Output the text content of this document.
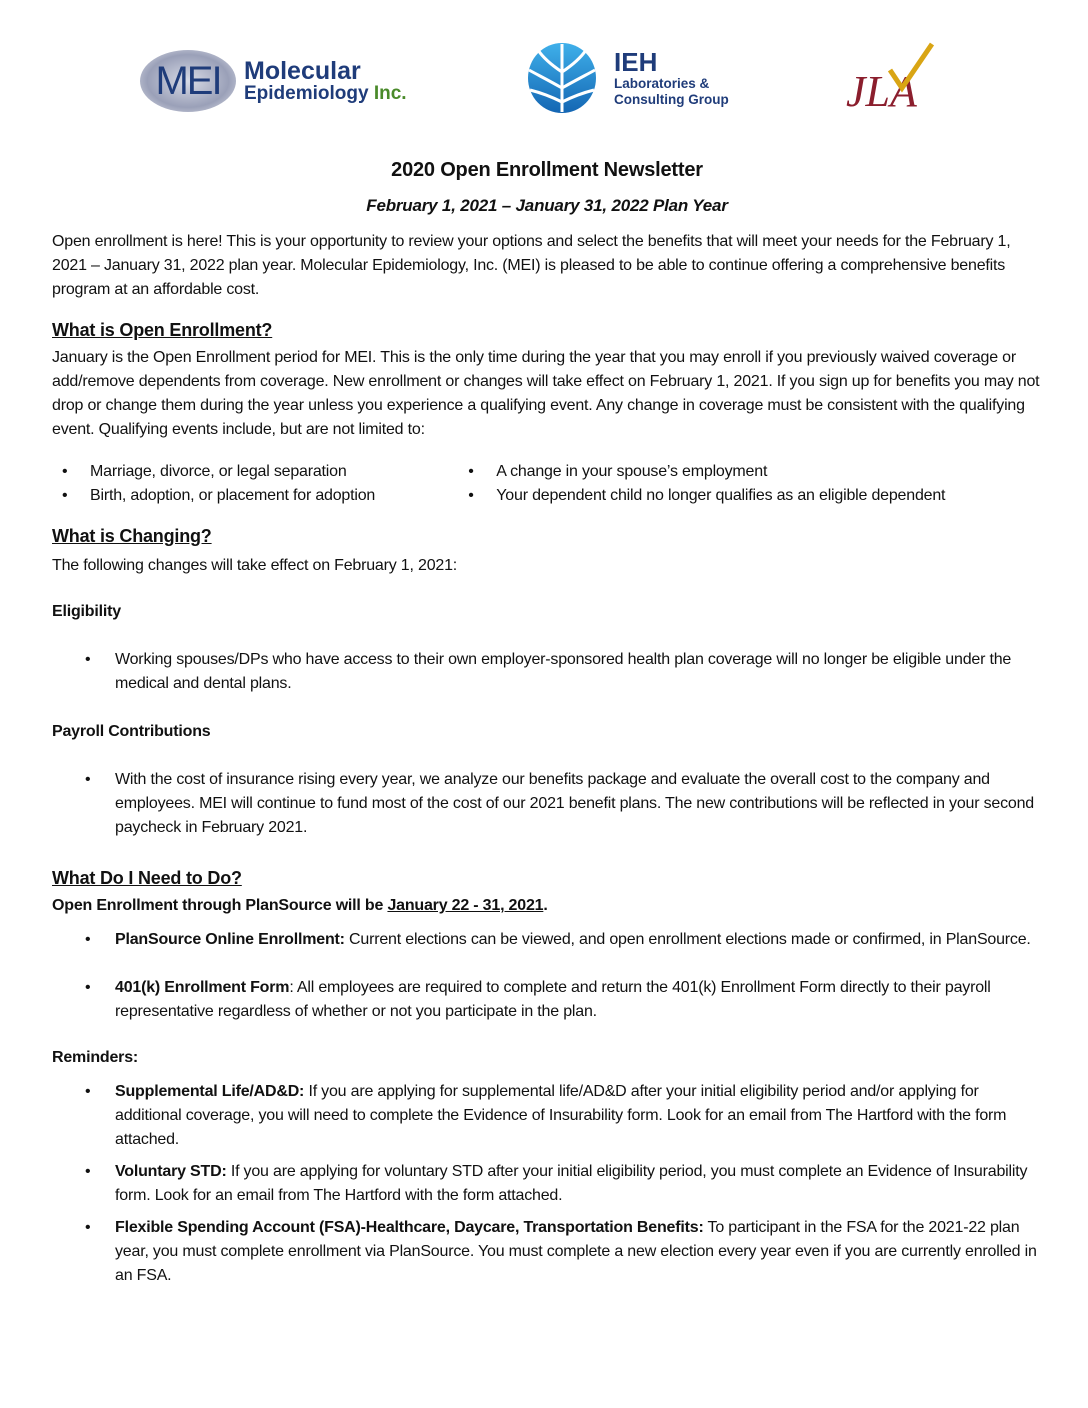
MEI Molecular
Epidemiology Inc.
IEH
Laboratories &
Consulting Group	JLA
2020 Open Enrollment Newsletter
February 1, 2021 – January 31, 2022 Plan Year

Open enrollment is here! This is your opportunity to review your options and select the benefits that will meet your needs for the February 1, 2021 – January 31, 2022 plan year. Molecular Epidemiology, Inc. (MEI) is pleased to be able to continue offering a comprehensive benefits program at an affordable cost.

What is Open Enrollment?

January is the Open Enrollment period for MEI. This is the only time during the year that you may enroll if you previously waived coverage or add/remove dependents from coverage. New enrollment or changes will take effect on February 1, 2021. If you sign up for benefits you may not drop or change them during the year unless you experience a qualifying event. Any change in coverage must be consistent with the qualifying event. Qualifying events include, but are not limited to:

• Marriage, divorce, or legal separation
• Birth, adoption, or placement for adoption
• A change in your spouse’s employment
• Your dependent child no longer qualifies as an eligible dependent
What is Changing?

The following changes will take effect on February 1, 2021:

Eligibility
• Working spouses/DPs who have access to their own employer-sponsored health plan coverage will no longer be eligible under the medical and dental plans.
Payroll Contributions
• With the cost of insurance rising every year, we analyze our benefits package and evaluate the overall cost to the company and employees. MEI will continue to fund most of the cost of our 2021 benefit plans. The new contributions will be reflected in your second paycheck in February 2021.
What Do I Need to Do?

Open Enrollment through PlanSource will be January 22 - 31, 2021.

• PlanSource Online Enrollment: Current elections can be viewed, and open enrollment elections made or confirmed, in PlanSource.
• 401(k) Enrollment Form: All employees are required to complete and return the 401(k) Enrollment Form directly to their payroll representative regardless of whether or not you participate in the plan.
Reminders:
• Supplemental Life/AD&D: If you are applying for supplemental life/AD&D after your initial eligibility period and/or applying for additional coverage, you will need to complete the Evidence of Insurability form. Look for an email from The Hartford with the form attached.
• Voluntary STD: If you are applying for voluntary STD after your initial eligibility period, you must complete an Evidence of Insurability form. Look for an email from The Hartford with the form attached.
• Flexible Spending Account (FSA)-Healthcare, Daycare, Transportation Benefits: To participant in the FSA for the 2021-22 plan year, you must complete enrollment via PlanSource. You must complete a new election every year even if you are currently enrolled in an FSA.
